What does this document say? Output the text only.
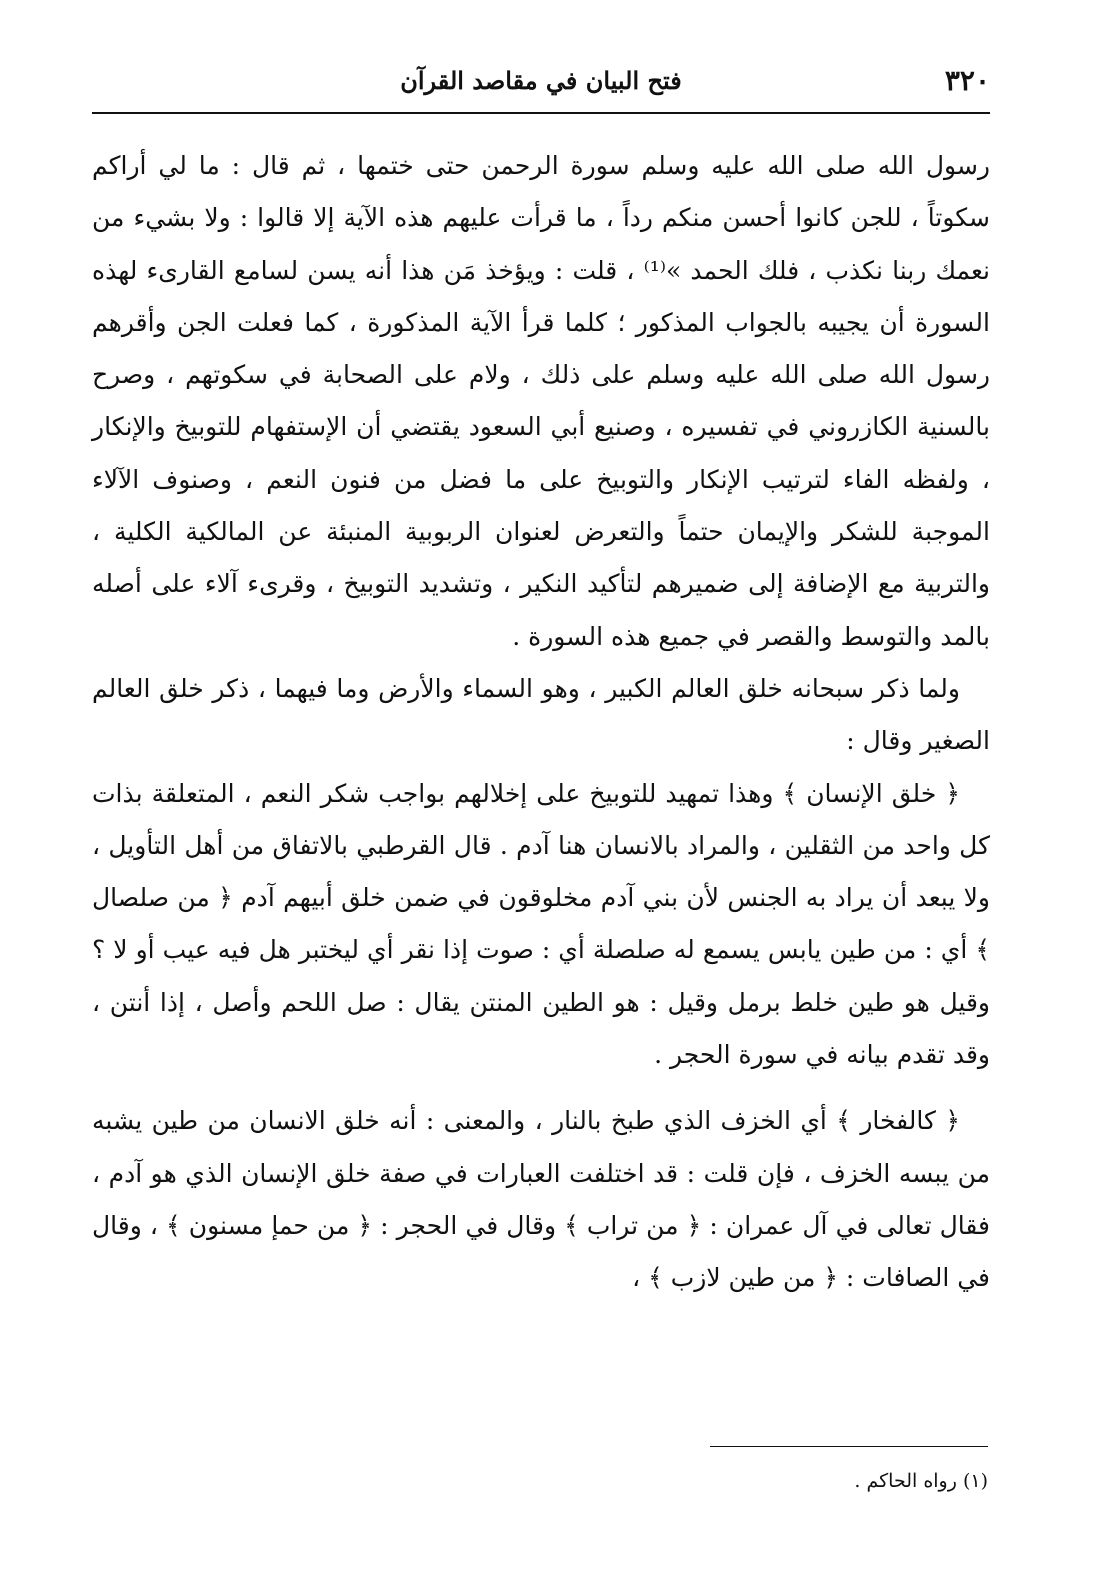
٣٢٠
فتح البيان في مقاصد القرآن

رسول الله صلى الله عليه وسلم سورة الرحمن حتى ختمها ، ثم قال : ما لي أراكم سكوتاً ، للجن كانوا أحسن منكم رداً ، ما قرأت عليهم هذه الآية إلا قالوا : ولا بشيء من نعمك ربنا نكذب ، فلك الحمد »⁽¹⁾ ، قلت : ويؤخذ مَن هذا أنه يسن لسامع القارىء لهذه السورة أن يجيبه بالجواب المذكور ؛ كلما قرأ الآية المذكورة ، كما فعلت الجن وأقرهم رسول الله صلى الله عليه وسلم على ذلك ، ولام على الصحابة في سكوتهم ، وصرح بالسنية الكازروني في تفسيره ، وصنيع أبي السعود يقتضي أن الإستفهام للتوبيخ والإنكار ، ولفظه الفاء لترتيب الإنكار والتوبيخ على ما فضل من فنون النعم ، وصنوف الآلاء الموجبة للشكر والإيمان حتماً والتعرض لعنوان الربوبية المنبئة عن المالكية الكلية ، والتربية مع الإضافة إلى ضميرهم لتأكيد النكير ، وتشديد التوبيخ ، وقرىء آلاء على أصله بالمد والتوسط والقصر في جميع هذه السورة .

ولما ذكر سبحانه خلق العالم الكبير ، وهو السماء والأرض وما فيهما ، ذكر خلق العالم الصغير وقال :

﴿ خلق الإنسان ﴾ وهذا تمهيد للتوبيخ على إخلالهم بواجب شكر النعم ، المتعلقة بذات كل واحد من الثقلين ، والمراد بالانسان هنا آدم . قال القرطبي بالاتفاق من أهل التأويل ، ولا يبعد أن يراد به الجنس لأن بني آدم مخلوقون في ضمن خلق أبيهم آدم ﴿ من صلصال ﴾ أي : من طين يابس يسمع له صلصلة أي : صوت إذا نقر أي ليختبر هل فيه عيب أو لا ؟ وقيل هو طين خلط برمل وقيل : هو الطين المنتن يقال : صل اللحم وأصل ، إذا أنتن ، وقد تقدم بيانه في سورة الحجر .

﴿ كالفخار ﴾ أي الخزف الذي طبخ بالنار ، والمعنى : أنه خلق الانسان من طين يشبه من يبسه الخزف ، فإن قلت : قد اختلفت العبارات في صفة خلق الإنسان الذي هو آدم ، فقال تعالى في آل عمران : ﴿ من تراب ﴾ وقال في الحجر : ﴿ من حمإ مسنون ﴾ ، وقال في الصافات : ﴿ من طين لازب ﴾ ،

(١) رواه الحاكم .
